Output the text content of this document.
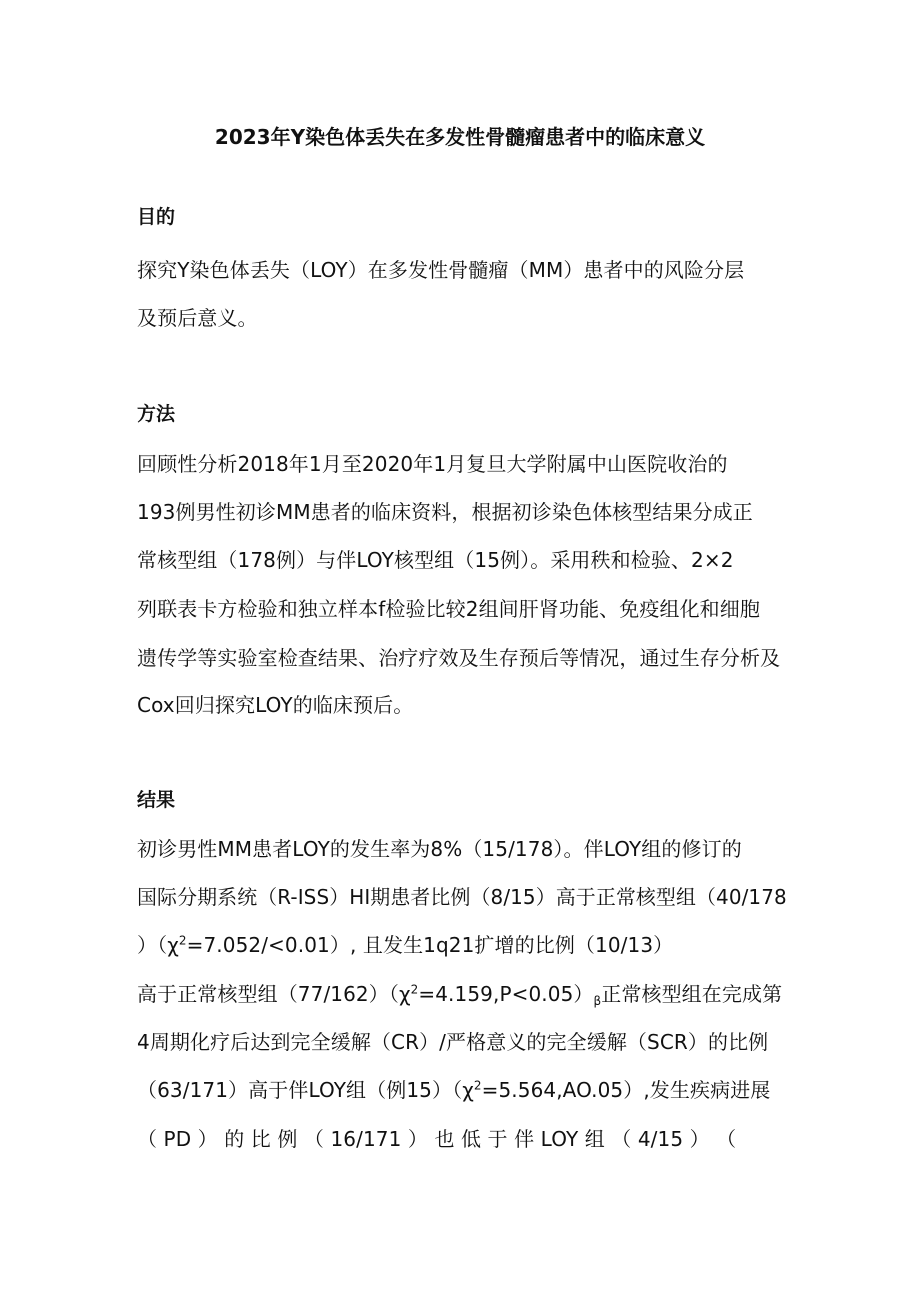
2023年Y染色体丢失在多发性骨髓瘤患者中的临床意义
目的
探究Y染色体丢失（LOY）在多发性骨髓瘤（MM）患者中的风险分层
及预后意义。
方法
回顾性分析2018年1月至2020年1月复旦大学附属中山医院收治的
193例男性初诊MM患者的临床资料，根据初诊染色体核型结果分成正
常核型组（178例）与伴LOY核型组（15例）。采用秩和检验、2×2
列联表卡方检验和独立样本f检验比较2组间肝肾功能、免疫组化和细胞
遗传学等实验室检查结果、治疗疗效及生存预后等情况，通过生存分析及
Cox回归探究LOY的临床预后。
结果
初诊男性MM患者LOY的发生率为8%（15/178）。伴LOY组的修订的
国际分期系统（R-ISS）HI期患者比例（8/15）高于正常核型组（40/178
）$(\chi^2=7.052/<0.01)$, 且发生1q21扩增的比例（10/13）
高于正常核型组$(77/162)(\chi^2=4.159,P<0.05)_\beta$正常核型组在完成第
4周期化疗后达到完全缓解（CR）/严格意义的完全缓解（SCR）的比例
（63/171）高于伴LOY组（例$15)(\chi^2=5.564,AO.05)$,发生疾病进展
（ PD ） 的 比 例 （ 16/171 ） 也 低 于 伴 LOY 组 （ 4/15 ） （
